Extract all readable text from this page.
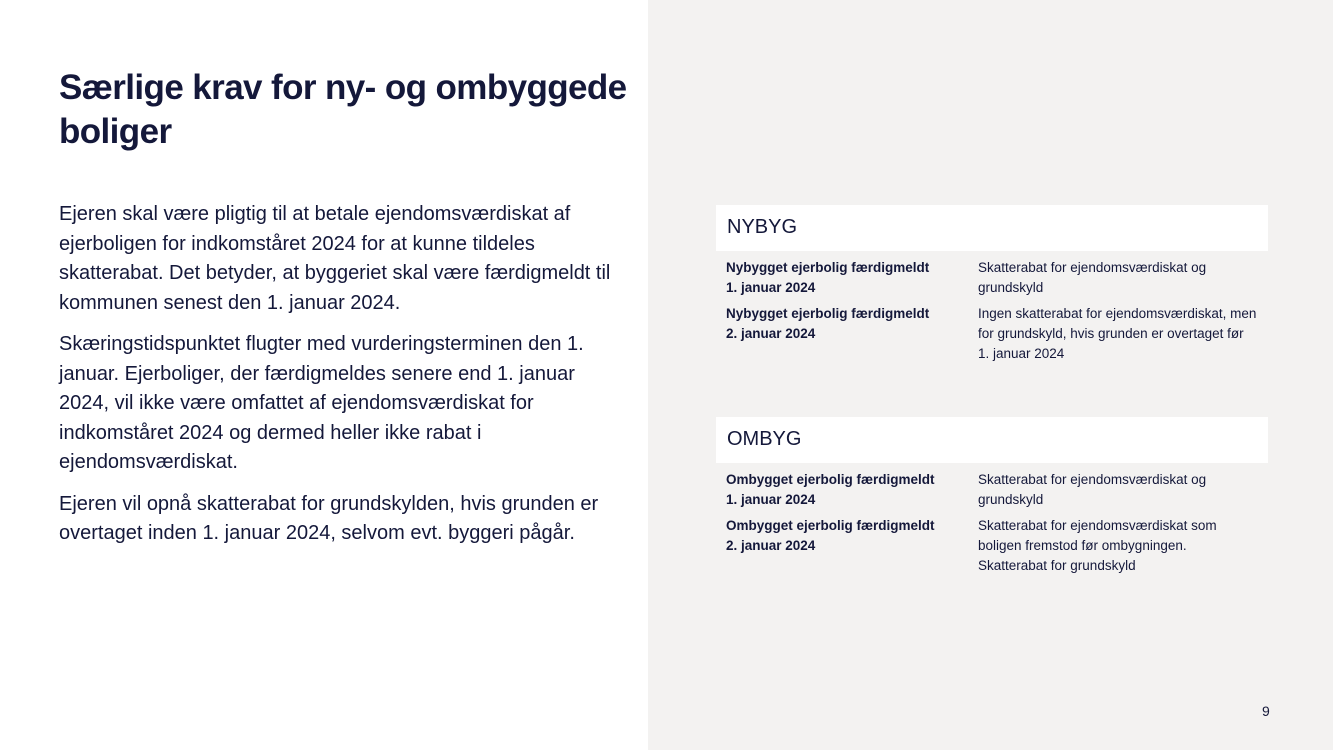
Særlige krav for ny- og ombyggede boliger

Ejeren skal være pligtig til at betale ejendomsværdiskat af ejerboligen for indkomståret 2024 for at kunne tildeles skatterabat. Det betyder, at byggeriet skal være færdigmeldt til kommunen senest den 1. januar 2024.

Skæringstidspunktet flugter med vurderingsterminen den 1. januar. Ejerboliger, der færdigmeldes senere end 1. januar 2024, vil ikke være omfattet af ejendomsværdiskat for indkomståret 2024 og dermed heller ikke rabat i ejendomsværdiskat.

Ejeren vil opnå skatterabat for grundskylden, hvis grunden er overtaget inden 1. januar 2024, selvom evt. byggeri pågår.

NYBYG
Nybygget ejerbolig færdigmeldt
1. januar 2024
Skatterabat for ejendomsværdiskat og grundskyld
Nybygget ejerbolig færdigmeldt
2. januar 2024
Ingen skatterabat for ejendomsværdiskat, men for grundskyld, hvis grunden er overtaget før 1. januar 2024
OMBYG
Ombygget ejerbolig færdigmeldt
1. januar 2024
Skatterabat for ejendomsværdiskat og grundskyld
Ombygget ejerbolig færdigmeldt
2. januar 2024
Skatterabat for ejendomsværdiskat som boligen fremstod før ombygningen. Skatterabat for grundskyld
9
